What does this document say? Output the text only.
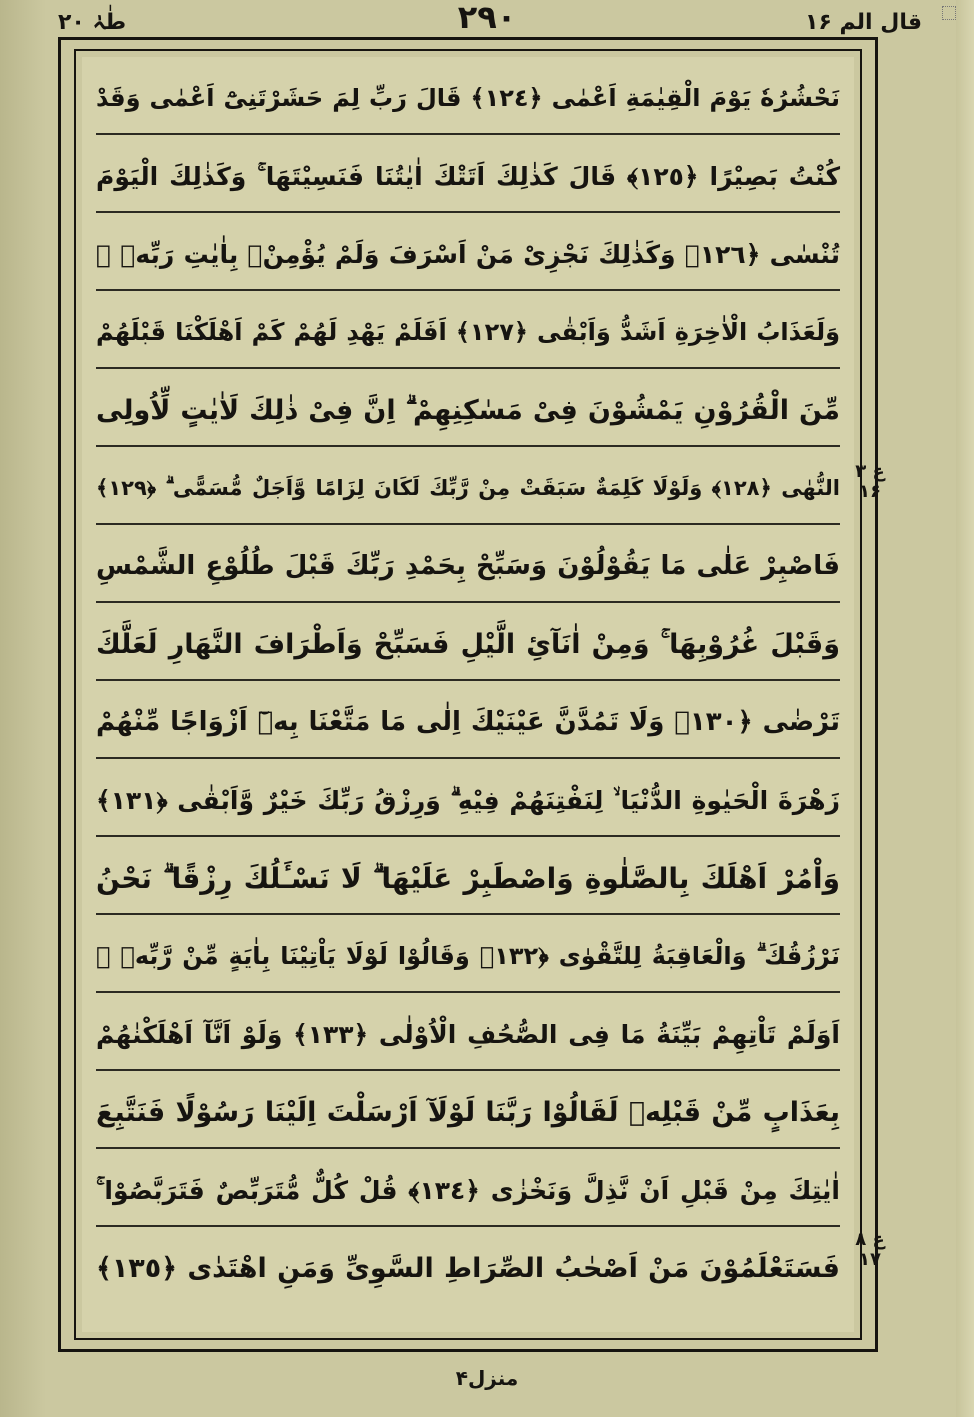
طٰہٰ ۲۰	۲۹۰	قال الم ۱۶
نَحْشُرُهٗ يَوْمَ الْقِيٰمَةِ اَعْمٰى ﴿١٢٤﴾ قَالَ رَبِّ لِمَ حَشَرْتَنِىْٓ اَعْمٰى وَقَدْ
كُنْتُ بَصِيْرًا ﴿١٢٥﴾ قَالَ كَذٰلِكَ اَتَتْكَ اٰيٰتُنَا فَنَسِيْتَهَا ۚ وَكَذٰلِكَ الْيَوْمَ
تُنْسٰى ﴿١٢٦﴾ وَكَذٰلِكَ نَجْزِىْ مَنْ اَسْرَفَ وَلَمْ يُؤْمِنْۢ بِاٰيٰتِ رَبِّهٖ ۗ
وَلَعَذَابُ الْاٰخِرَةِ اَشَدُّ وَاَبْقٰى ﴿١٢٧﴾ اَفَلَمْ يَهْدِ لَهُمْ كَمْ اَهْلَكْنَا قَبْلَهُمْ
مِّنَ الْقُرُوْنِ يَمْشُوْنَ فِىْ مَسٰكِنِهِمْ ۗ اِنَّ فِىْ ذٰلِكَ لَاٰيٰتٍ لِّاُولِى
النُّهٰى ﴿١٢٨﴾ وَلَوْلَا كَلِمَةٌ سَبَقَتْ مِنْ رَّبِّكَ لَكَانَ لِزَامًا وَّاَجَلٌ مُّسَمًّى ۗ ﴿١٢٩﴾
فَاصْبِرْ عَلٰى مَا يَقُوْلُوْنَ وَسَبِّحْ بِحَمْدِ رَبِّكَ قَبْلَ طُلُوْعِ الشَّمْسِ
وَقَبْلَ غُرُوْبِهَا ۚ وَمِنْ اٰنَآئِ الَّيْلِ فَسَبِّحْ وَاَطْرَافَ النَّهَارِ لَعَلَّكَ
تَرْضٰى ﴿١٣٠﴾ وَلَا تَمُدَّنَّ عَيْنَيْكَ اِلٰى مَا مَتَّعْنَا بِهٖٓ اَزْوَاجًا مِّنْهُمْ
زَهْرَةَ الْحَيٰوةِ الدُّنْيَا ۙ لِنَفْتِنَهُمْ فِيْهِ ۗ وَرِزْقُ رَبِّكَ خَيْرٌ وَّاَبْقٰى ﴿١٣١﴾
وَاْمُرْ اَهْلَكَ بِالصَّلٰوةِ وَاصْطَبِرْ عَلَيْهَا ۗ لَا نَسْـَٔلُكَ رِزْقًا ۗ نَحْنُ
نَرْزُقُكَ ۗ وَالْعَاقِبَةُ لِلتَّقْوٰى ﴿١٣٢﴾ وَقَالُوْا لَوْلَا يَاْتِيْنَا بِاٰيَةٍ مِّنْ رَّبِّهٖ ۗ
اَوَلَمْ تَاْتِهِمْ بَيِّنَةُ مَا فِى الصُّحُفِ الْاُوْلٰى ﴿١٣٣﴾ وَلَوْ اَنَّآ اَهْلَكْنٰهُمْ
بِعَذَابٍ مِّنْ قَبْلِهٖ لَقَالُوْا رَبَّنَا لَوْلَآ اَرْسَلْتَ اِلَيْنَا رَسُوْلًا فَنَتَّبِعَ
اٰيٰتِكَ مِنْ قَبْلِ اَنْ نَّذِلَّ وَنَخْزٰى ﴿١٣٤﴾ قُلْ كُلٌّ مُّتَرَبِّصٌ فَتَرَبَّصُوْا ۚ
فَسَتَعْلَمُوْنَ مَنْ اَصْحٰبُ الصِّرَاطِ السَّوِىِّ وَمَنِ اهْتَدٰى ﴿١٣٥﴾
ع ۳ ۱۶
ع ۸ ۱۷
منزل۴
